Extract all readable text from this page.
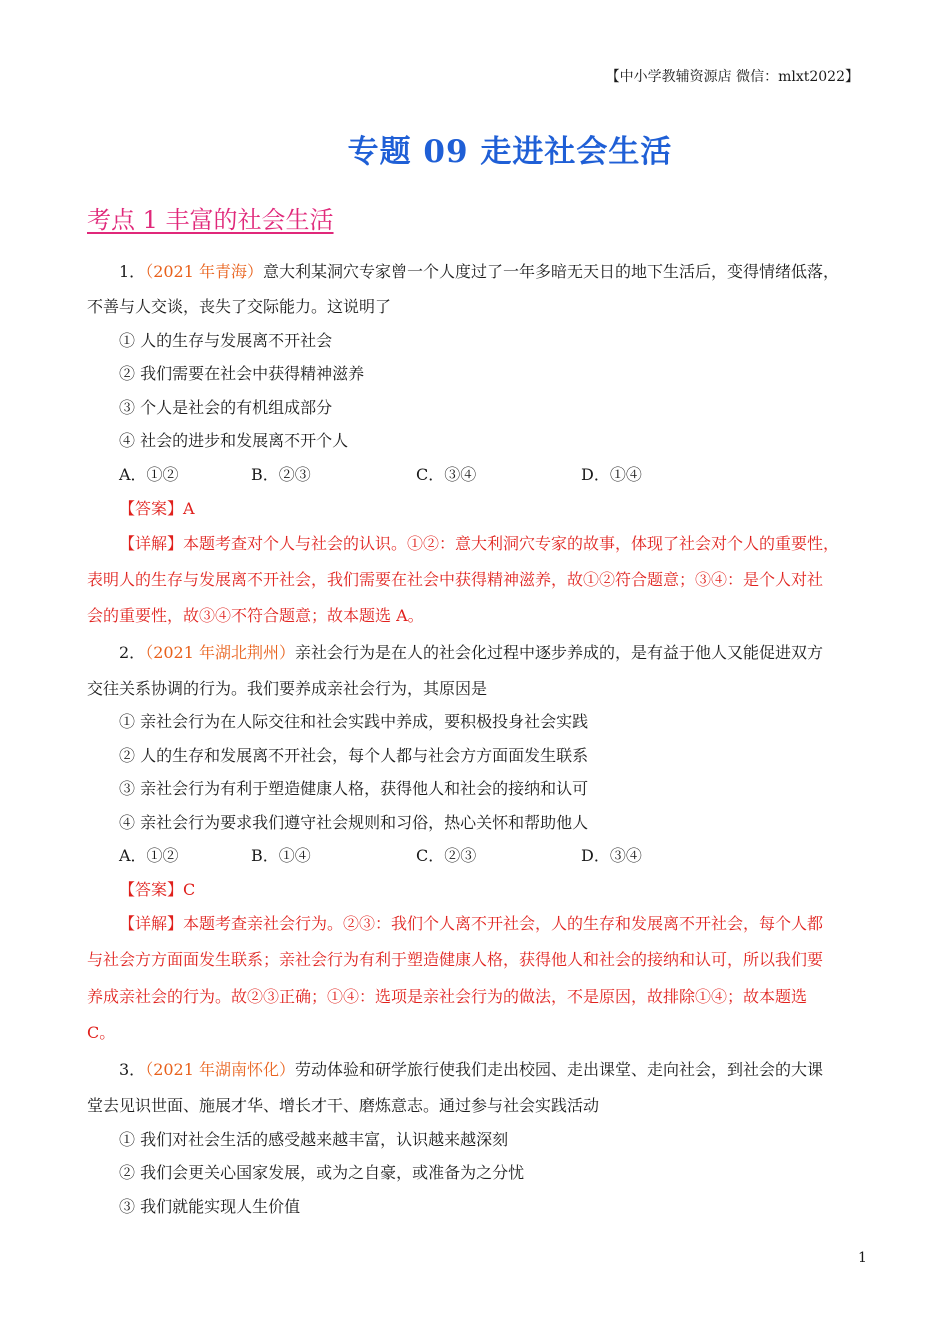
【中小学教辅资源店 微信：mlxt2022】
专题 09 走进社会生活
考点 1 丰富的社会生活
1．（2021 年青海）意大利某洞穴专家曾一个人度过了一年多暗无天日的地下生活后，变得情绪低落，
不善与人交谈，丧失了交际能力。这说明了
① 人的生存与发展离不开社会
② 我们需要在社会中获得精神滋养
③ 个人是社会的有机组成部分
④ 社会的进步和发展离不开个人
A．①②	B．②③	C．③④	D．①④
【答案】A
【详解】本题考查对个人与社会的认识。①②：意大利洞穴专家的故事，体现了社会对个人的重要性，
表明人的生存与发展离不开社会，我们需要在社会中获得精神滋养，故①②符合题意；③④：是个人对社
会的重要性，故③④不符合题意；故本题选 A。
2．（2021 年湖北荆州）亲社会行为是在人的社会化过程中逐步养成的，是有益于他人又能促进双方
交往关系协调的行为。我们要养成亲社会行为，其原因是
① 亲社会行为在人际交往和社会实践中养成，要积极投身社会实践
② 人的生存和发展离不开社会，每个人都与社会方方面面发生联系
③ 亲社会行为有利于塑造健康人格，获得他人和社会的接纳和认可
④ 亲社会行为要求我们遵守社会规则和习俗，热心关怀和帮助他人
A．①②	B．①④	C．②③	D．③④
【答案】C
【详解】本题考查亲社会行为。②③：我们个人离不开社会，人的生存和发展离不开社会，每个人都
与社会方方面面发生联系；亲社会行为有利于塑造健康人格，获得他人和社会的接纳和认可，所以我们要
养成亲社会的行为。故②③正确；①④：选项是亲社会行为的做法，不是原因，故排除①④；故本题选
C。
3．（2021 年湖南怀化）劳动体验和研学旅行使我们走出校园、走出课堂、走向社会，到社会的大课
堂去见识世面、施展才华、增长才干、磨炼意志。通过参与社会实践活动
① 我们对社会生活的感受越来越丰富，认识越来越深刻
② 我们会更关心国家发展，或为之自豪，或准备为之分忧
③ 我们就能实现人生价值
1
